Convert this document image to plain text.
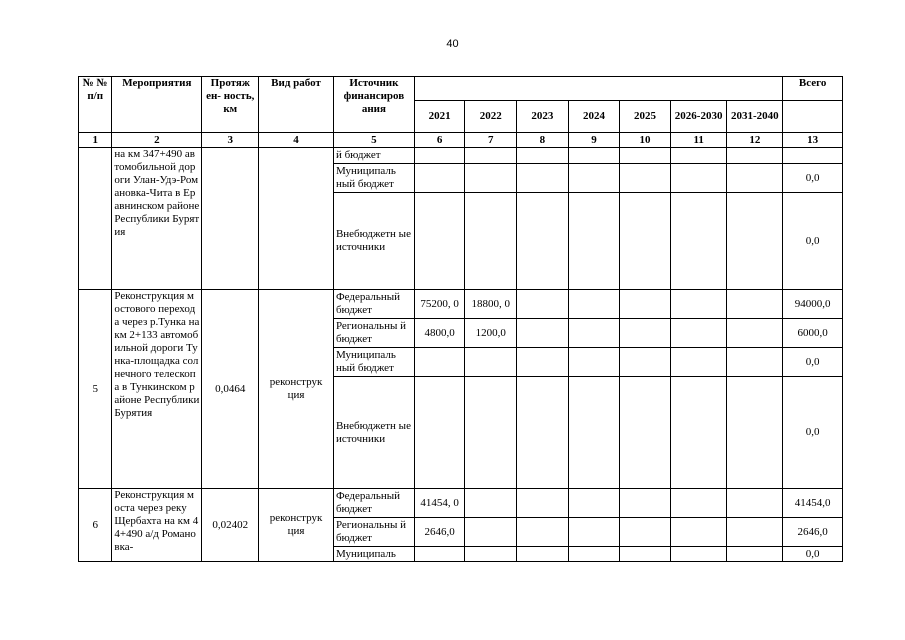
40
№ № п/п	Мероприятия	Протяж ен- ность, км	Вид работ	Источник финансиров ания								Всего
					2021	2022	2023	2024	2025	2026-2030	2031-2040	
1	2	3	4	5	6	7	8	9	10	11	12	13
	на км 347+490 автомобильной дороги Улан-Удэ-Романовка-Чита в Еравнинском районе Республики Бурятия			й бюджет								
				Муниципаль ный бюджет								0,0
				Внебюджетн ые источники								0,0
5	Реконструкция мостового перехода через р.Тунка на км 2+133 автомобильной дороги Тунка-площадка солнечного телескопа в Тункинском районе Республики Бурятия	0,0464	реконструк ция	Федеральный бюджет	75200, 0	18800, 0						94000,0
				Региональны й бюджет	4800,0	1200,0						6000,0
				Муниципаль ный бюджет								0,0
				Внебюджетн ые источники								0,0
6	Реконструкция моста через реку Щербахта на км 44+490 а/д Романовка-	0,02402	реконструк ция	Федеральный бюджет	41454, 0							41454,0
				Региональны й бюджет	2646,0							2646,0
				Муниципаль								0,0
